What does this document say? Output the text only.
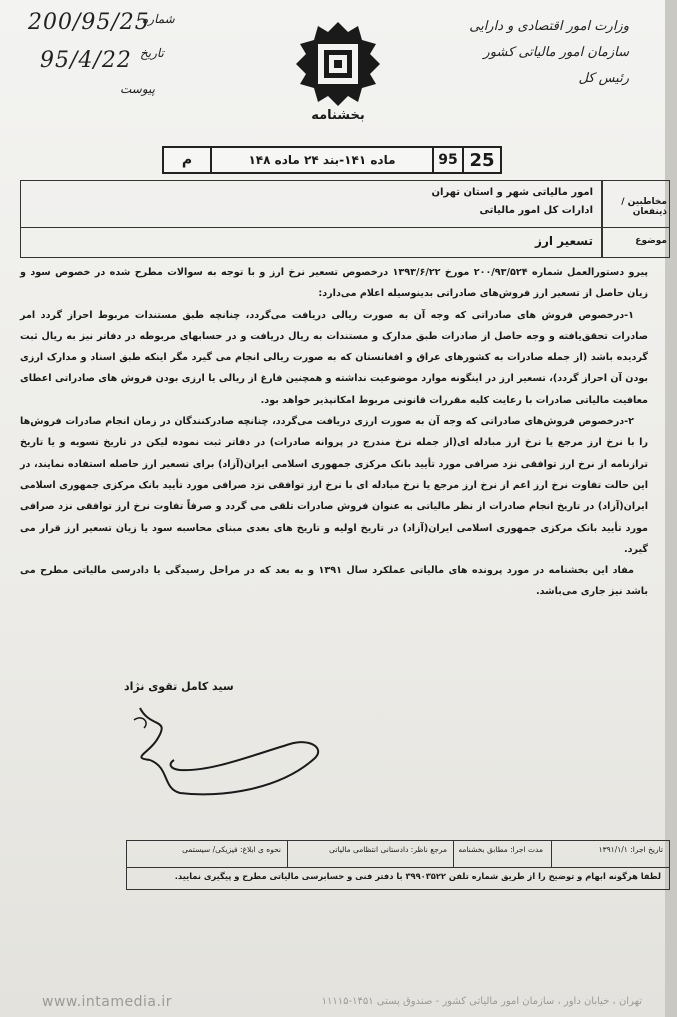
200/95/25
شماره
95/4/22 تاریخ
پیوست
وزارت امور اقتصادی و دارایی
سازمان امور مالیاتی کشور
رئیس کل
بخشنامه
25
95
ماده ۱۴۱-بند ۲۴ ماده ۱۴۸
م
مخاطبین / ذینفعان
امور مالیاتی شهر و استان تهران
ادارات کل امور مالیاتی
موضوع
تسعیر ارز

پیرو دستورالعمل شماره ۲۰۰/۹۳/۵۲۴ مورخ ۱۳۹۳/۶/۲۲ درخصوص تسعیر نرخ ارز و با توجه به سوالات مطرح شده در خصوص سود و زیان حاصل از تسعیر ارز فروش‌های صادراتی بدینوسیله اعلام می‌دارد:

۱-درخصوص فروش های صادراتی که وجه آن به صورت ریالی دریافت می‌گردد، چنانچه طبق مستندات مربوط احراز گردد امر صادرات تحقق‌یافته و وجه حاصل از صادرات طبق مدارک و مستندات به ریال دریافت و در حسابهای مربوطه در دفاتر نیز به ریال ثبت گردیده باشد (از جمله صادرات به کشورهای عراق و افغانستان که به صورت ریالی انجام می گیرد مگر اینکه طبق اسناد و مدارک ارزی بودن آن احراز گردد)، تسعیر ارز در اینگونه موارد موضوعیت نداشته و همچنین فارغ از ریالی یا ارزی بودن فروش های صادراتی اعطای معافیت مالیاتی صادرات با رعایت کلیه مقررات قانونی مربوط امکانپذیر خواهد بود.

۲-درخصوص فروش‌های صادراتی که وجه آن به صورت ارزی دریافت می‌گردد، چنانچه صادرکنندگان در زمان انجام صادرات فروش‌ها را با نرخ ارز مرجع یا نرخ ارز مبادله ای(از جمله نرخ مندرج در پروانه صادرات) در دفاتر ثبت نموده لیکن در تاریخ تسویه و یا تاریخ ترازنامه از نرخ ارز توافقی نزد صرافی مورد تأیید بانک مرکزی جمهوری اسلامی ایران(آزاد) برای تسعیر ارز حاصله استفاده نمایند، در این حالت تفاوت نرخ ارز اعم از نرخ ارز مرجع یا نرخ مبادله ای با نرخ ارز توافقی نزد صرافی مورد تأیید بانک مرکزی جمهوری اسلامی ایران(آزاد) در تاریخ انجام صادرات از نظر مالیاتی به عنوان فروش صادرات تلقی می گردد و صرفاً تفاوت نرخ ارز توافقی نزد صرافی مورد تأیید بانک مرکزی جمهوری اسلامی ایران(آزاد) در تاریخ اولیه و تاریخ های بعدی مبنای محاسبه سود یا زیان تسعیر ارز قرار می گیرد.

مفاد این بخشنامه در مورد پرونده های مالیاتی عملکرد سال ۱۳۹۱ و به بعد که در مراحل رسیدگی یا دادرسی مالیاتی مطرح می باشد نیز جاری می‌باشد.

سید کامل تقوی نژاد
تاریخ اجرا: ۱۳۹۱/۱/۱
مدت اجرا: مطابق بخشنامه
مرجع ناظر: دادستانی انتظامی مالیاتی
نحوه ی ابلاغ: فیزیکی/ سیستمی
لطفا هرگونه ابهام و توضیح را از طریق شماره تلفن ۳۹۹۰۳۵۲۲ با دفتر فنی و حسابرسی مالیاتی مطرح و پیگیری نمایید.
www.intamedia.ir	تهران ، خیابان داور ، سازمان امور مالیاتی کشور - صندوق پستی ۱۴۵۱-۱۱۱۱۵
